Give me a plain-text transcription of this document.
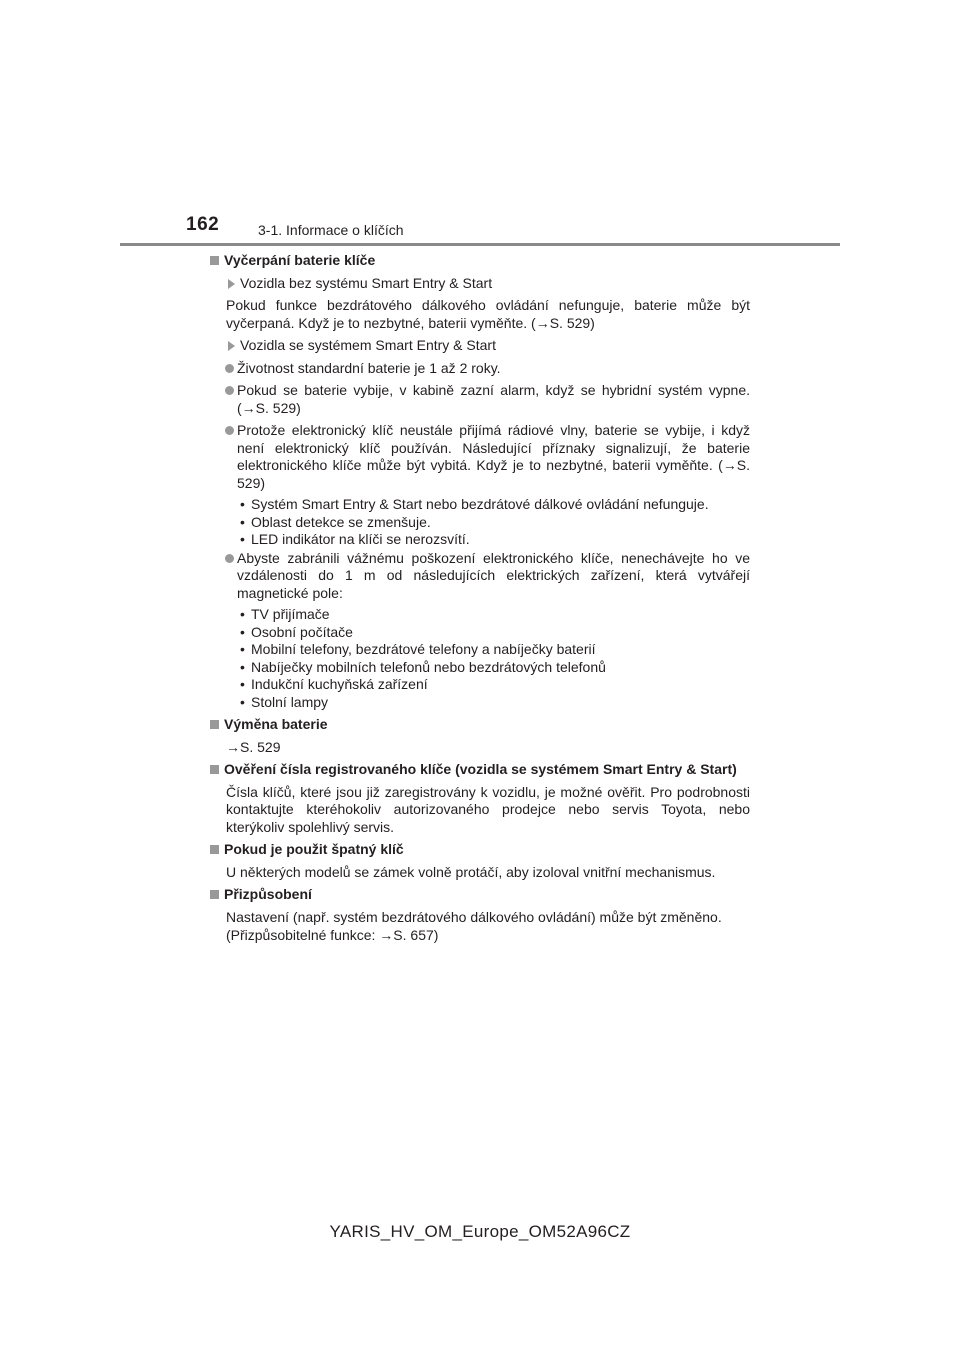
162	3-1. Informace o klíčích
Vyčerpání baterie klíče
Vozidla bez systému Smart Entry & Start
Pokud funkce bezdrátového dálkového ovládání nefunguje, baterie může být vyčerpaná. Když je to nezbytné, baterii vyměňte. (→S. 529)
Vozidla se systémem Smart Entry & Start
Životnost standardní baterie je 1 až 2 roky.
Pokud se baterie vybije, v kabině zazní alarm, když se hybridní systém vypne. (→S. 529)
Protože elektronický klíč neustále přijímá rádiové vlny, baterie se vybije, i když není elektronický klíč používán. Následující příznaky signalizují, že baterie elektronického klíče může být vybitá. Když je to nezbytné, baterii vyměňte. (→S. 529)
• Systém Smart Entry & Start nebo bezdrátové dálkové ovládání nefunguje.
• Oblast detekce se zmenšuje.
• LED indikátor na klíči se nerozsvítí.
Abyste zabránili vážnému poškození elektronického klíče, nenechávejte ho ve vzdálenosti do 1 m od následujících elektrických zařízení, která vytvářejí magnetické pole:
• TV přijímače
• Osobní počítače
• Mobilní telefony, bezdrátové telefony a nabíječky baterií
• Nabíječky mobilních telefonů nebo bezdrátových telefonů
• Indukční kuchyňská zařízení
• Stolní lampy
Výměna baterie
→S. 529
Ověření čísla registrovaného klíče (vozidla se systémem Smart Entry & Start)
Čísla klíčů, které jsou již zaregistrovány k vozidlu, je možné ověřit. Pro podrobnosti kontaktujte kteréhokoliv autorizovaného prodejce nebo servis Toyota, nebo kterýkoliv spolehlivý servis.
Pokud je použit špatný klíč
U některých modelů se zámek volně protáčí, aby izoloval vnitřní mechanismus.
Přizpůsobení
Nastavení (např. systém bezdrátového dálkového ovládání) může být změněno.
(Přizpůsobitelné funkce: →S. 657)
YARIS_HV_OM_Europe_OM52A96CZ
